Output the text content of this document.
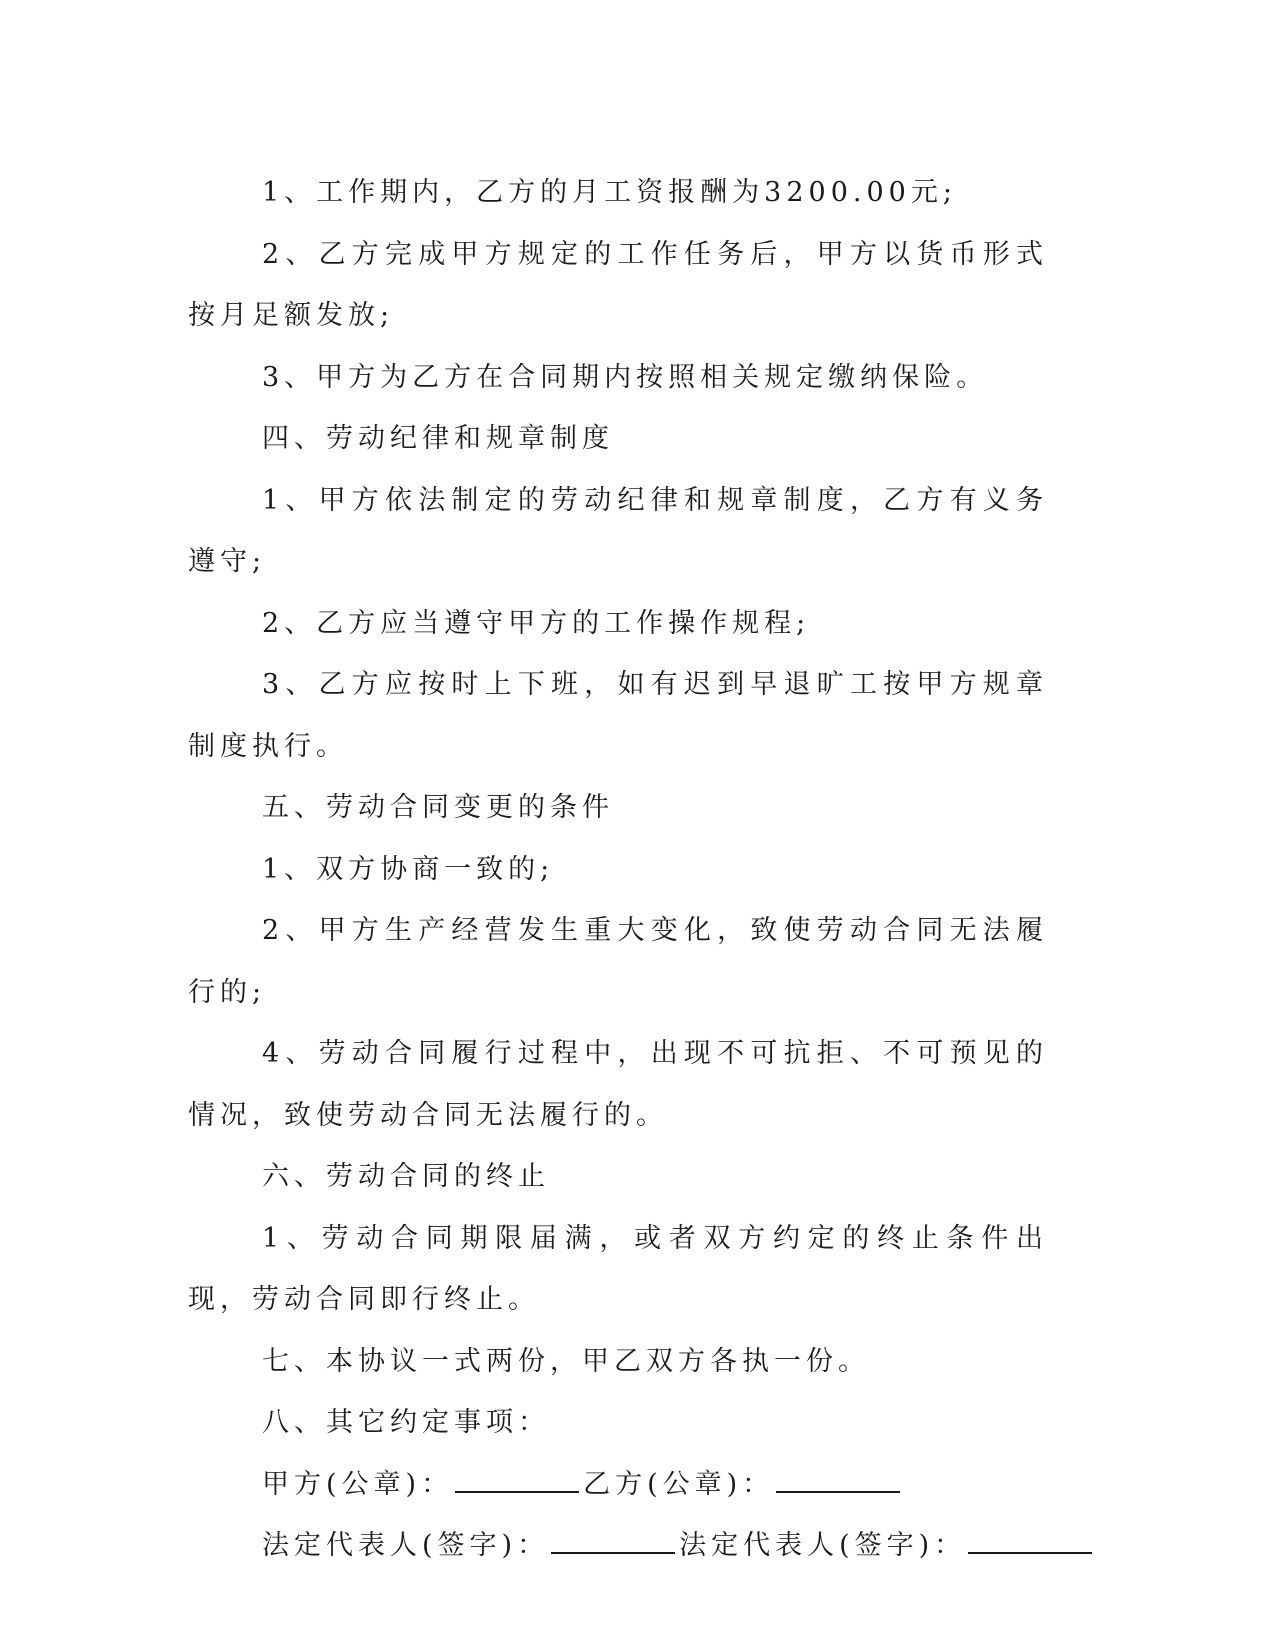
1、工作期内，乙方的月工资报酬为3200.00元;

2、乙方完成甲方规定的工作任务后，甲方以货币形式按月足额发放;

3、甲方为乙方在合同期内按照相关规定缴纳保险。

四、劳动纪律和规章制度

1、甲方依法制定的劳动纪律和规章制度，乙方有义务遵守;

2、乙方应当遵守甲方的工作操作规程;

3、乙方应按时上下班，如有迟到早退旷工按甲方规章制度执行。

五、劳动合同变更的条件

1、双方协商一致的;

2、甲方生产经营发生重大变化，致使劳动合同无法履行的;

4、劳动合同履行过程中，出现不可抗拒、不可预见的情况，致使劳动合同无法履行的。

六、劳动合同的终止

1、劳动合同期限届满，或者双方约定的终止条件出现，劳动合同即行终止。

七、本协议一式两份，甲乙双方各执一份。

八、其它约定事项：

甲方(公章)：	乙方(公章)：

法定代表人(签字)：	法定代表人(签字)：
